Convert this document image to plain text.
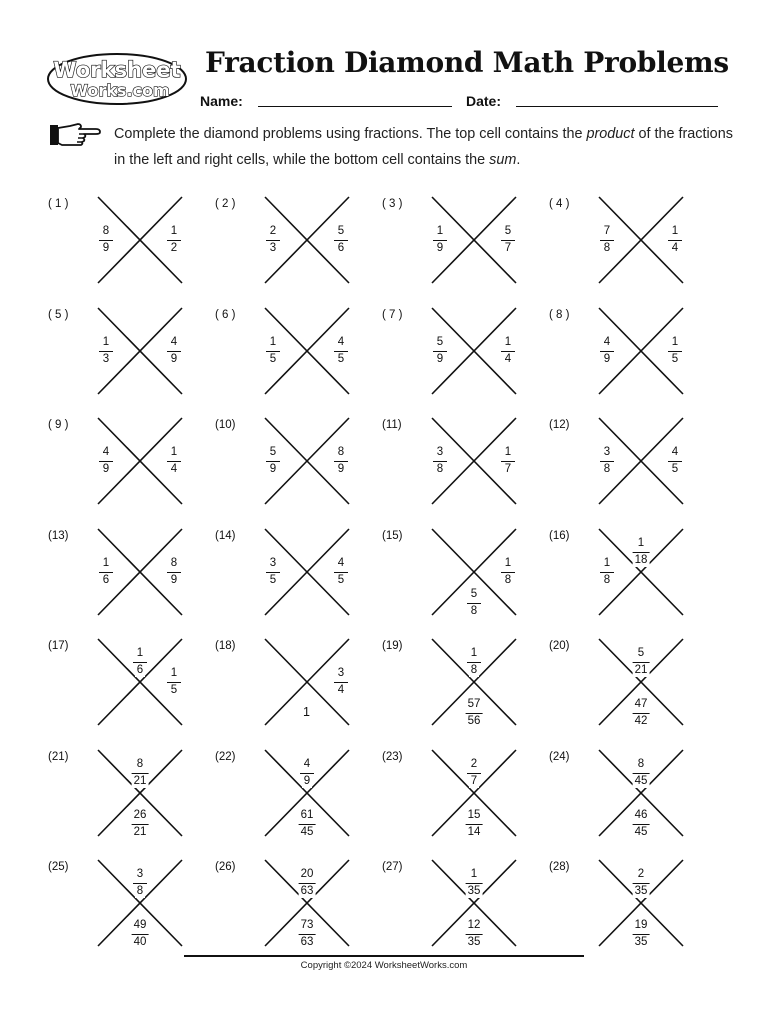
Worksheet
Works.com
Fraction Diamond Math Problems
Name:	Date:

Complete the diamond problems using fractions. The top cell contains the product of the fractions in the left and right cells, while the bottom cell contains the sum.

( 1 )
8
9
1
2
( 2 )
2
3
5
6
( 3 )
1
9
5
7
( 4 )
7
8
1
4
( 5 )
1
3
4
9
( 6 )
1
5
4
5
( 7 )
5
9
1
4
( 8 )
4
9
1
5
( 9 )
4
9
1
4
(10)
5
9
8
9
(11)
3
8
1
7
(12)
3
8
4
5
(13)
1
6
8
9
(14)
3
5
4
5
(15)
1
8
5
8
(16)
1
18
1
8
(17)
1
6 1
5
(18)
3
4
1
(19)
1
8
57
56
(20)
5
21
47
42
(21)
8
21
26
21
(22)
4
9
61
45
(23)
2
7
15
14
(24)
8
45
46
45
(25)
3
8
49
40
(26)
20
63
73
63
(27)
1
35
12
35
(28)
2
35
19
35
Copyright ©2024 WorksheetWorks.com
